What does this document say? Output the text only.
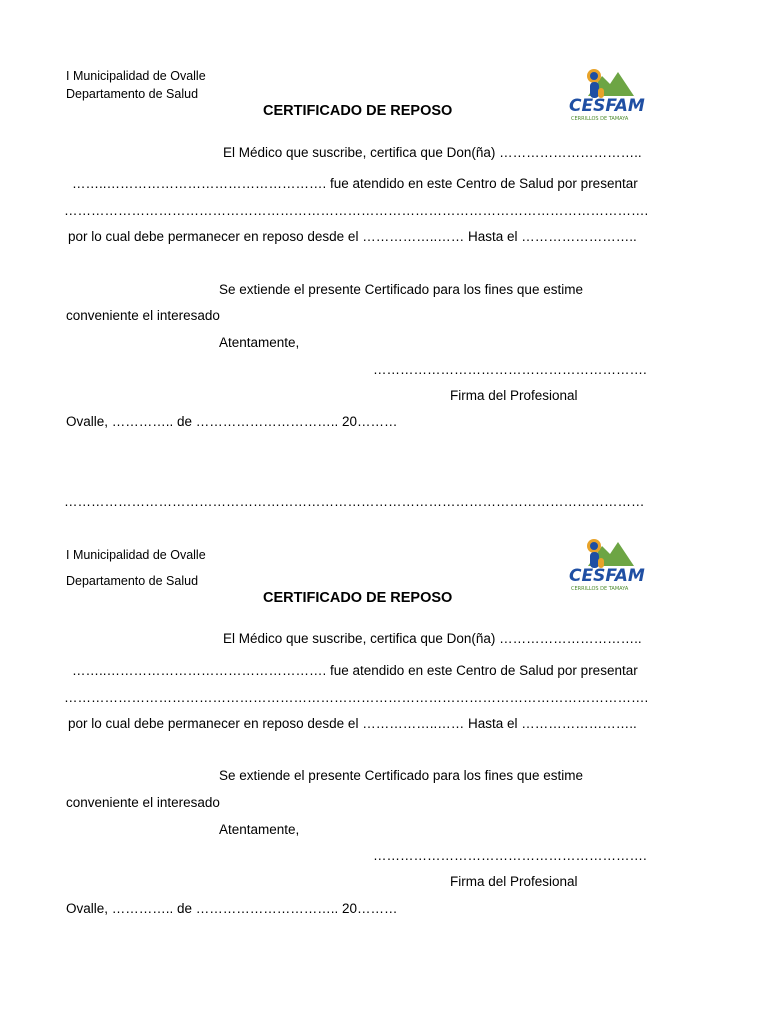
I Municipalidad de Ovalle
Departamento de Salud
CERTIFICADO DE REPOSO	CESFAM
CERRILLOS DE TAMAYA
El Médico que suscribe, certifica que Don(ña) …………………………..
……..…………………………………………. fue atendido en este Centro de Salud por presentar
………………………………………………………………………………………………………………….
por lo cual debe permanecer en reposo desde el ……………..…… Hasta el ……………………..
Se extiende el presente Certificado para los fines que estime
conveniente el interesado
Atentamente,
…………………………………………………….
Firma del Profesional
Ovalle, ………….. de ………………………….. 20………
…………………………………………………………………………………………………………………
I Municipalidad de Ovalle
Departamento de Salud
CERTIFICADO DE REPOSO
CESFAM
CERRILLOS DE TAMAYA
El Médico que suscribe, certifica que Don(ña) …………………………..
……..…………………………………………. fue atendido en este Centro de Salud por presentar
………………………………………………………………………………………………………………….
por lo cual debe permanecer en reposo desde el ……………..…… Hasta el ……………………..
Se extiende el presente Certificado para los fines que estime
conveniente el interesado
Atentamente,
…………………………………………………….
Firma del Profesional
Ovalle, ………….. de ………………………….. 20………
